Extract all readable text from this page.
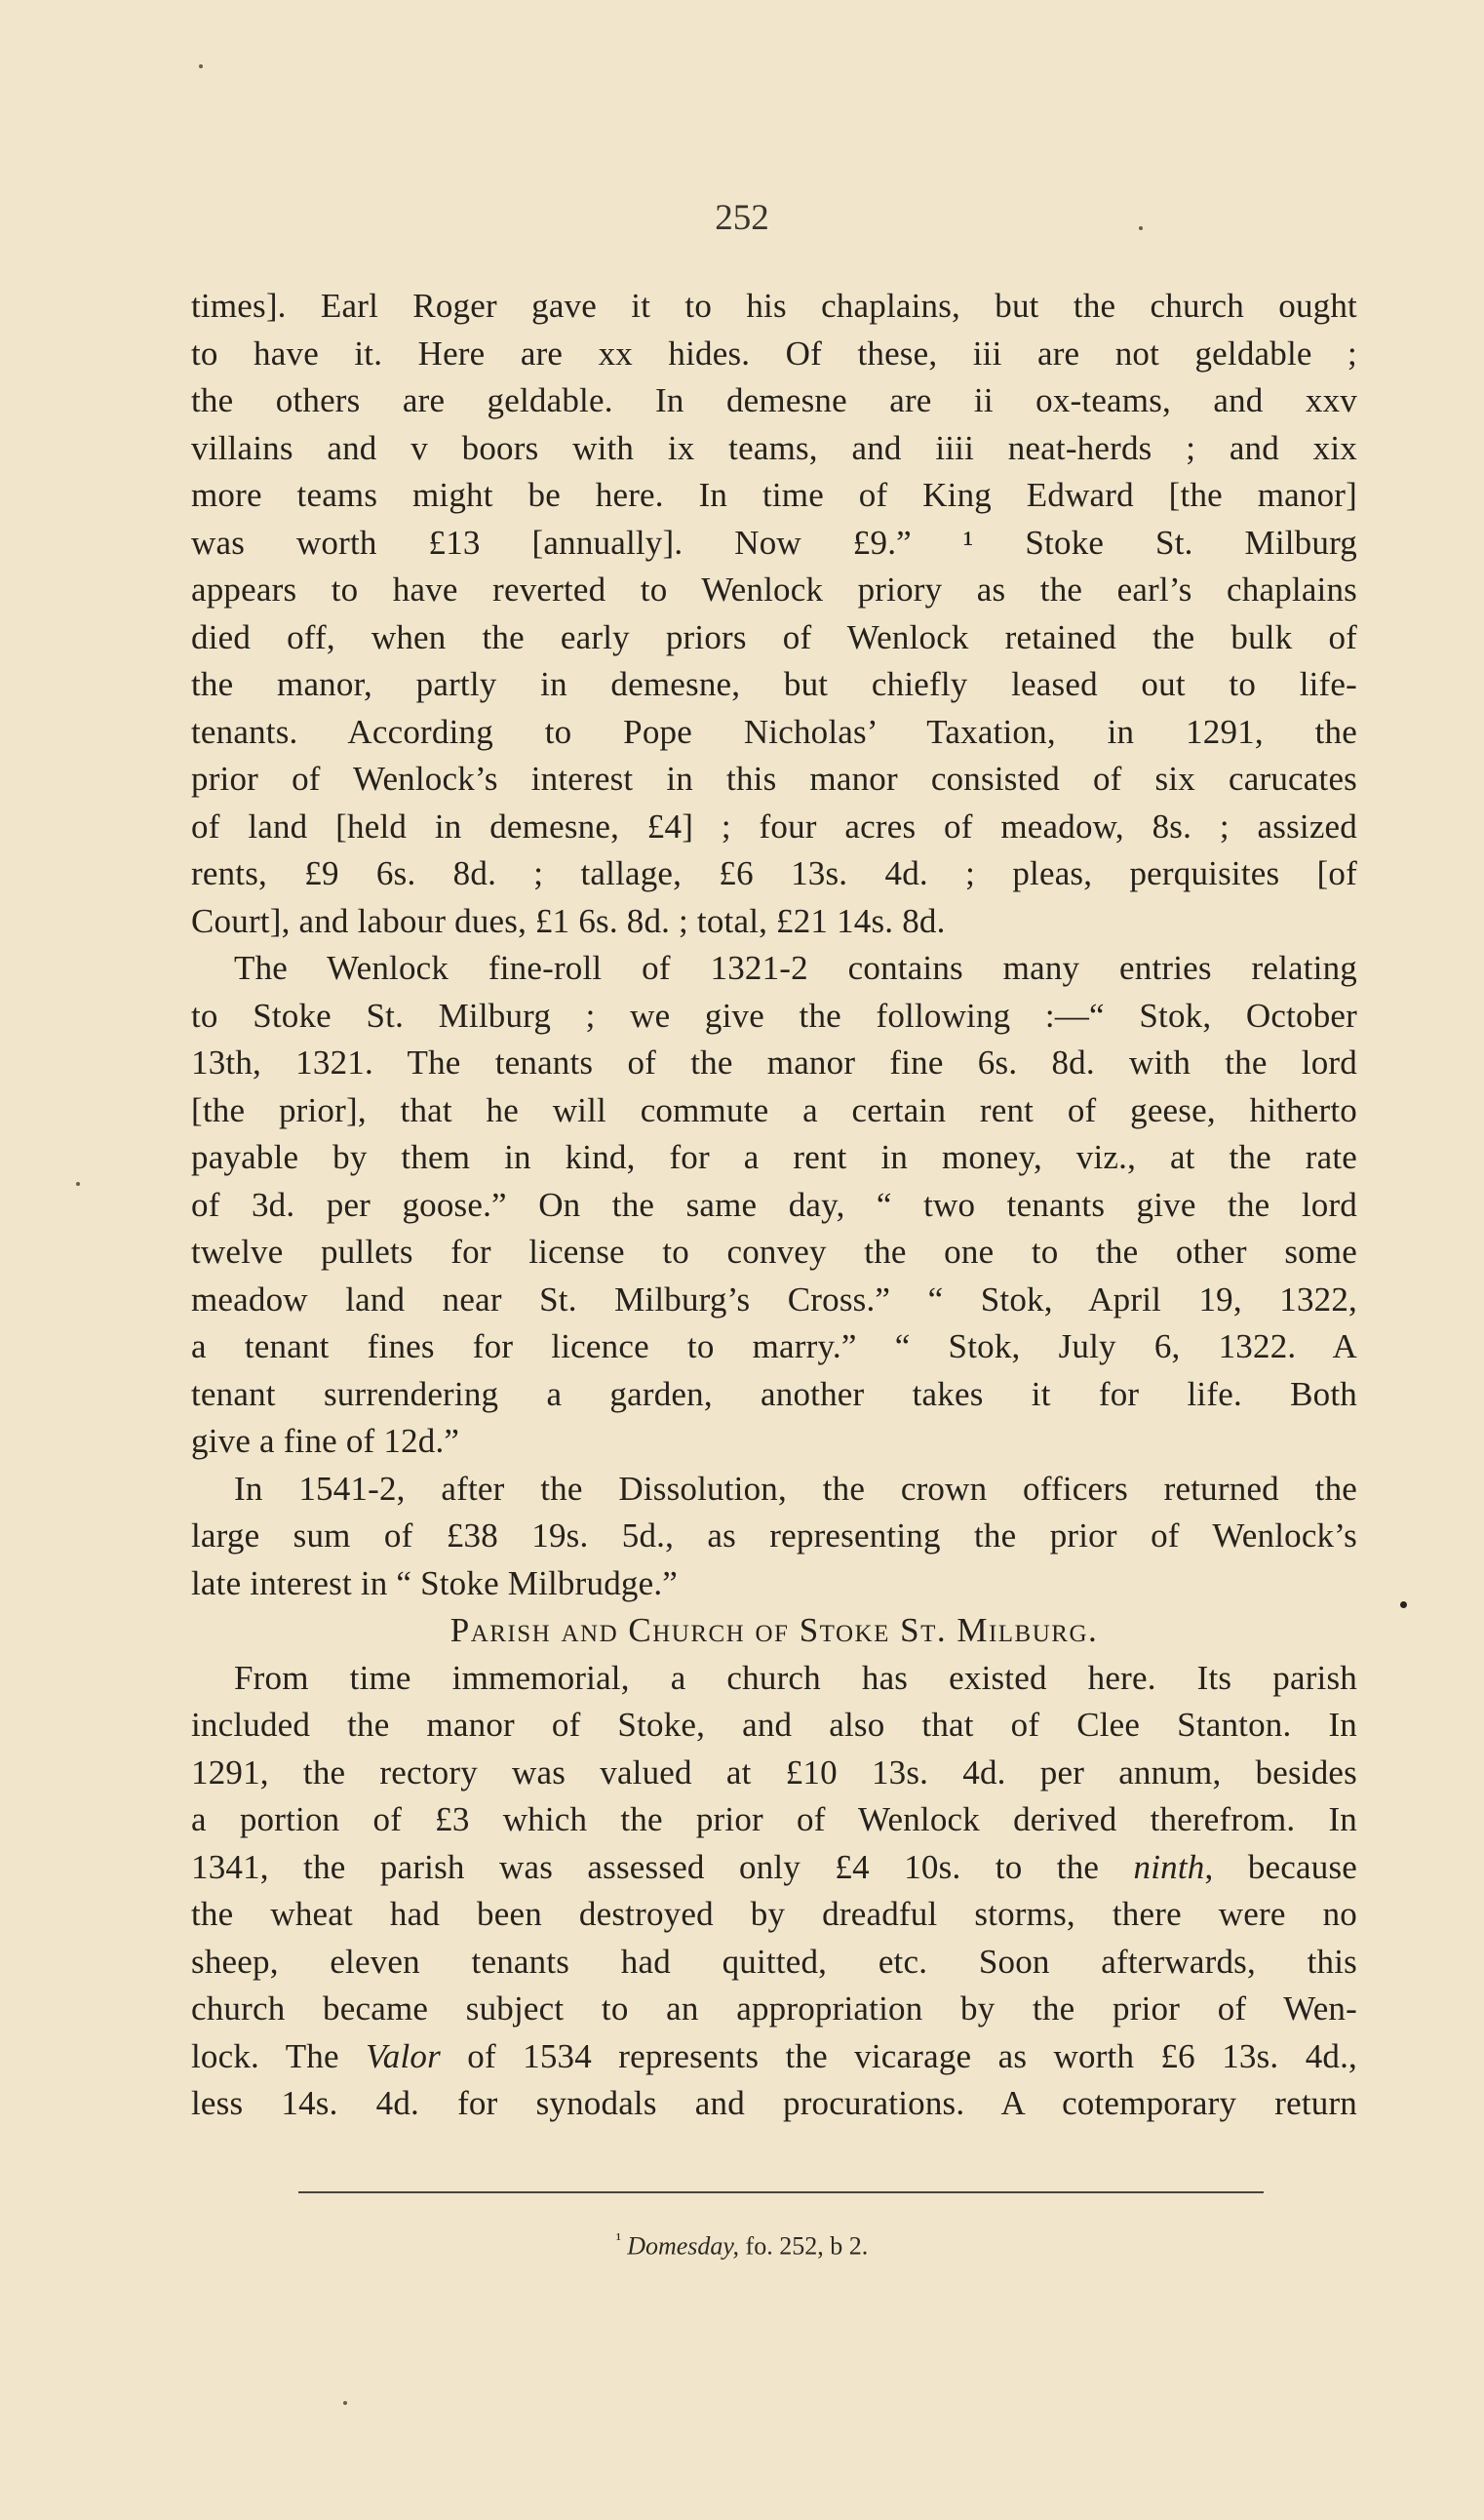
252
times]. Earl Roger gave it to his chaplains, but the church ought
to have it. Here are xx hides. Of these, iii are not geldable ;
the others are geldable. In demesne are ii ox-teams, and xxv
villains and v boors with ix teams, and iiii neat-herds ; and xix
more teams might be here. In time of King Edward [the manor]
was worth £13 [annually]. Now £9.” ¹ Stoke St. Milburg
appears to have reverted to Wenlock priory as the earl’s chaplains
died off, when the early priors of Wenlock retained the bulk of
the manor, partly in demesne, but chiefly leased out to life-
tenants. According to Pope Nicholas’ Taxation, in 1291, the
prior of Wenlock’s interest in this manor consisted of six carucates
of land [held in demesne, £4] ; four acres of meadow, 8s. ; assized
rents, £9 6s. 8d. ; tallage, £6 13s. 4d. ; pleas, perquisites [of
Court], and labour dues, £1 6s. 8d. ; total, £21 14s. 8d.
The Wenlock fine-roll of 1321-2 contains many entries relating
to Stoke St. Milburg ; we give the following :—“ Stok, October
13th, 1321. The tenants of the manor fine 6s. 8d. with the lord
[the prior], that he will commute a certain rent of geese, hitherto
payable by them in kind, for a rent in money, viz., at the rate
of 3d. per goose.” On the same day, “ two tenants give the lord
twelve pullets for license to convey the one to the other some
meadow land near St. Milburg’s Cross.” “ Stok, April 19, 1322,
a tenant fines for licence to marry.” “ Stok, July 6, 1322. A
tenant surrendering a garden, another takes it for life. Both
give a fine of 12d.”
In 1541-2, after the Dissolution, the crown officers returned the
large sum of £38 19s. 5d., as representing the prior of Wenlock’s
late interest in “ Stoke Milbrudge.”
Parish and Church of Stoke St. Milburg.
From time immemorial, a church has existed here. Its parish
included the manor of Stoke, and also that of Clee Stanton. In
1291, the rectory was valued at £10 13s. 4d. per annum, besides
a portion of £3 which the prior of Wenlock derived therefrom. In
1341, the parish was assessed only £4 10s. to the ninth, because
the wheat had been destroyed by dreadful storms, there were no
sheep, eleven tenants had quitted, etc. Soon afterwards, this
church became subject to an appropriation by the prior of Wen-
lock. The Valor of 1534 represents the vicarage as worth £6 13s. 4d.,
less 14s. 4d. for synodals and procurations. A cotemporary return
$^{^1}$ Domesday, fo. 252, b 2.
